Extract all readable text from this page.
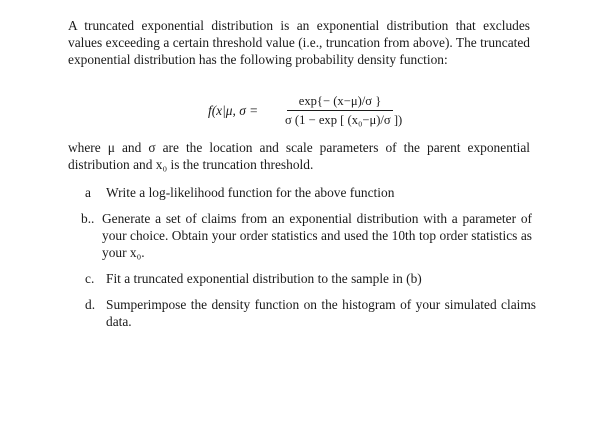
A truncated exponential distribution is an exponential distribution that excludes values exceeding a certain threshold value (i.e., truncation from above). The truncated exponential distribution has the following probability density function:

f(x|μ, σ =
exp{− (x−μ)/σ }
σ (1 − exp [ (x₀−μ)/σ ])

where μ and σ are the location and scale parameters of the parent exponential distribution and x₀ is the truncation threshold.

a Write a log-likelihood function for the above function
b.. Generate a set of claims from an exponential distribution with a parameter of your choice. Obtain your order statistics and used the 10th top order statistics as your x₀.
c. Fit a truncated exponential distribution to the sample in (b)
d. Sumperimpose the density function on the histogram of your simulated claims data.
